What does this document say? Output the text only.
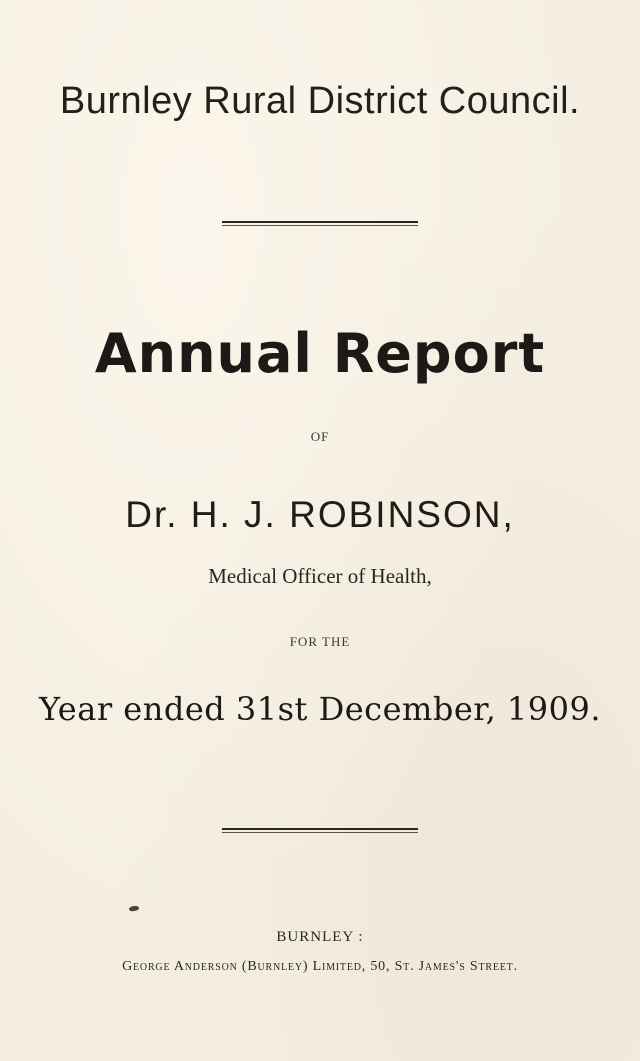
Burnley Rural District Council.
Annual Report
OF
Dr. H. J. ROBINSON,
Medical Officer of Health,
FOR THE
Year ended 31st December, 1909.
BURNLEY :
George Anderson (Burnley) Limited, 50, St. James's Street.
